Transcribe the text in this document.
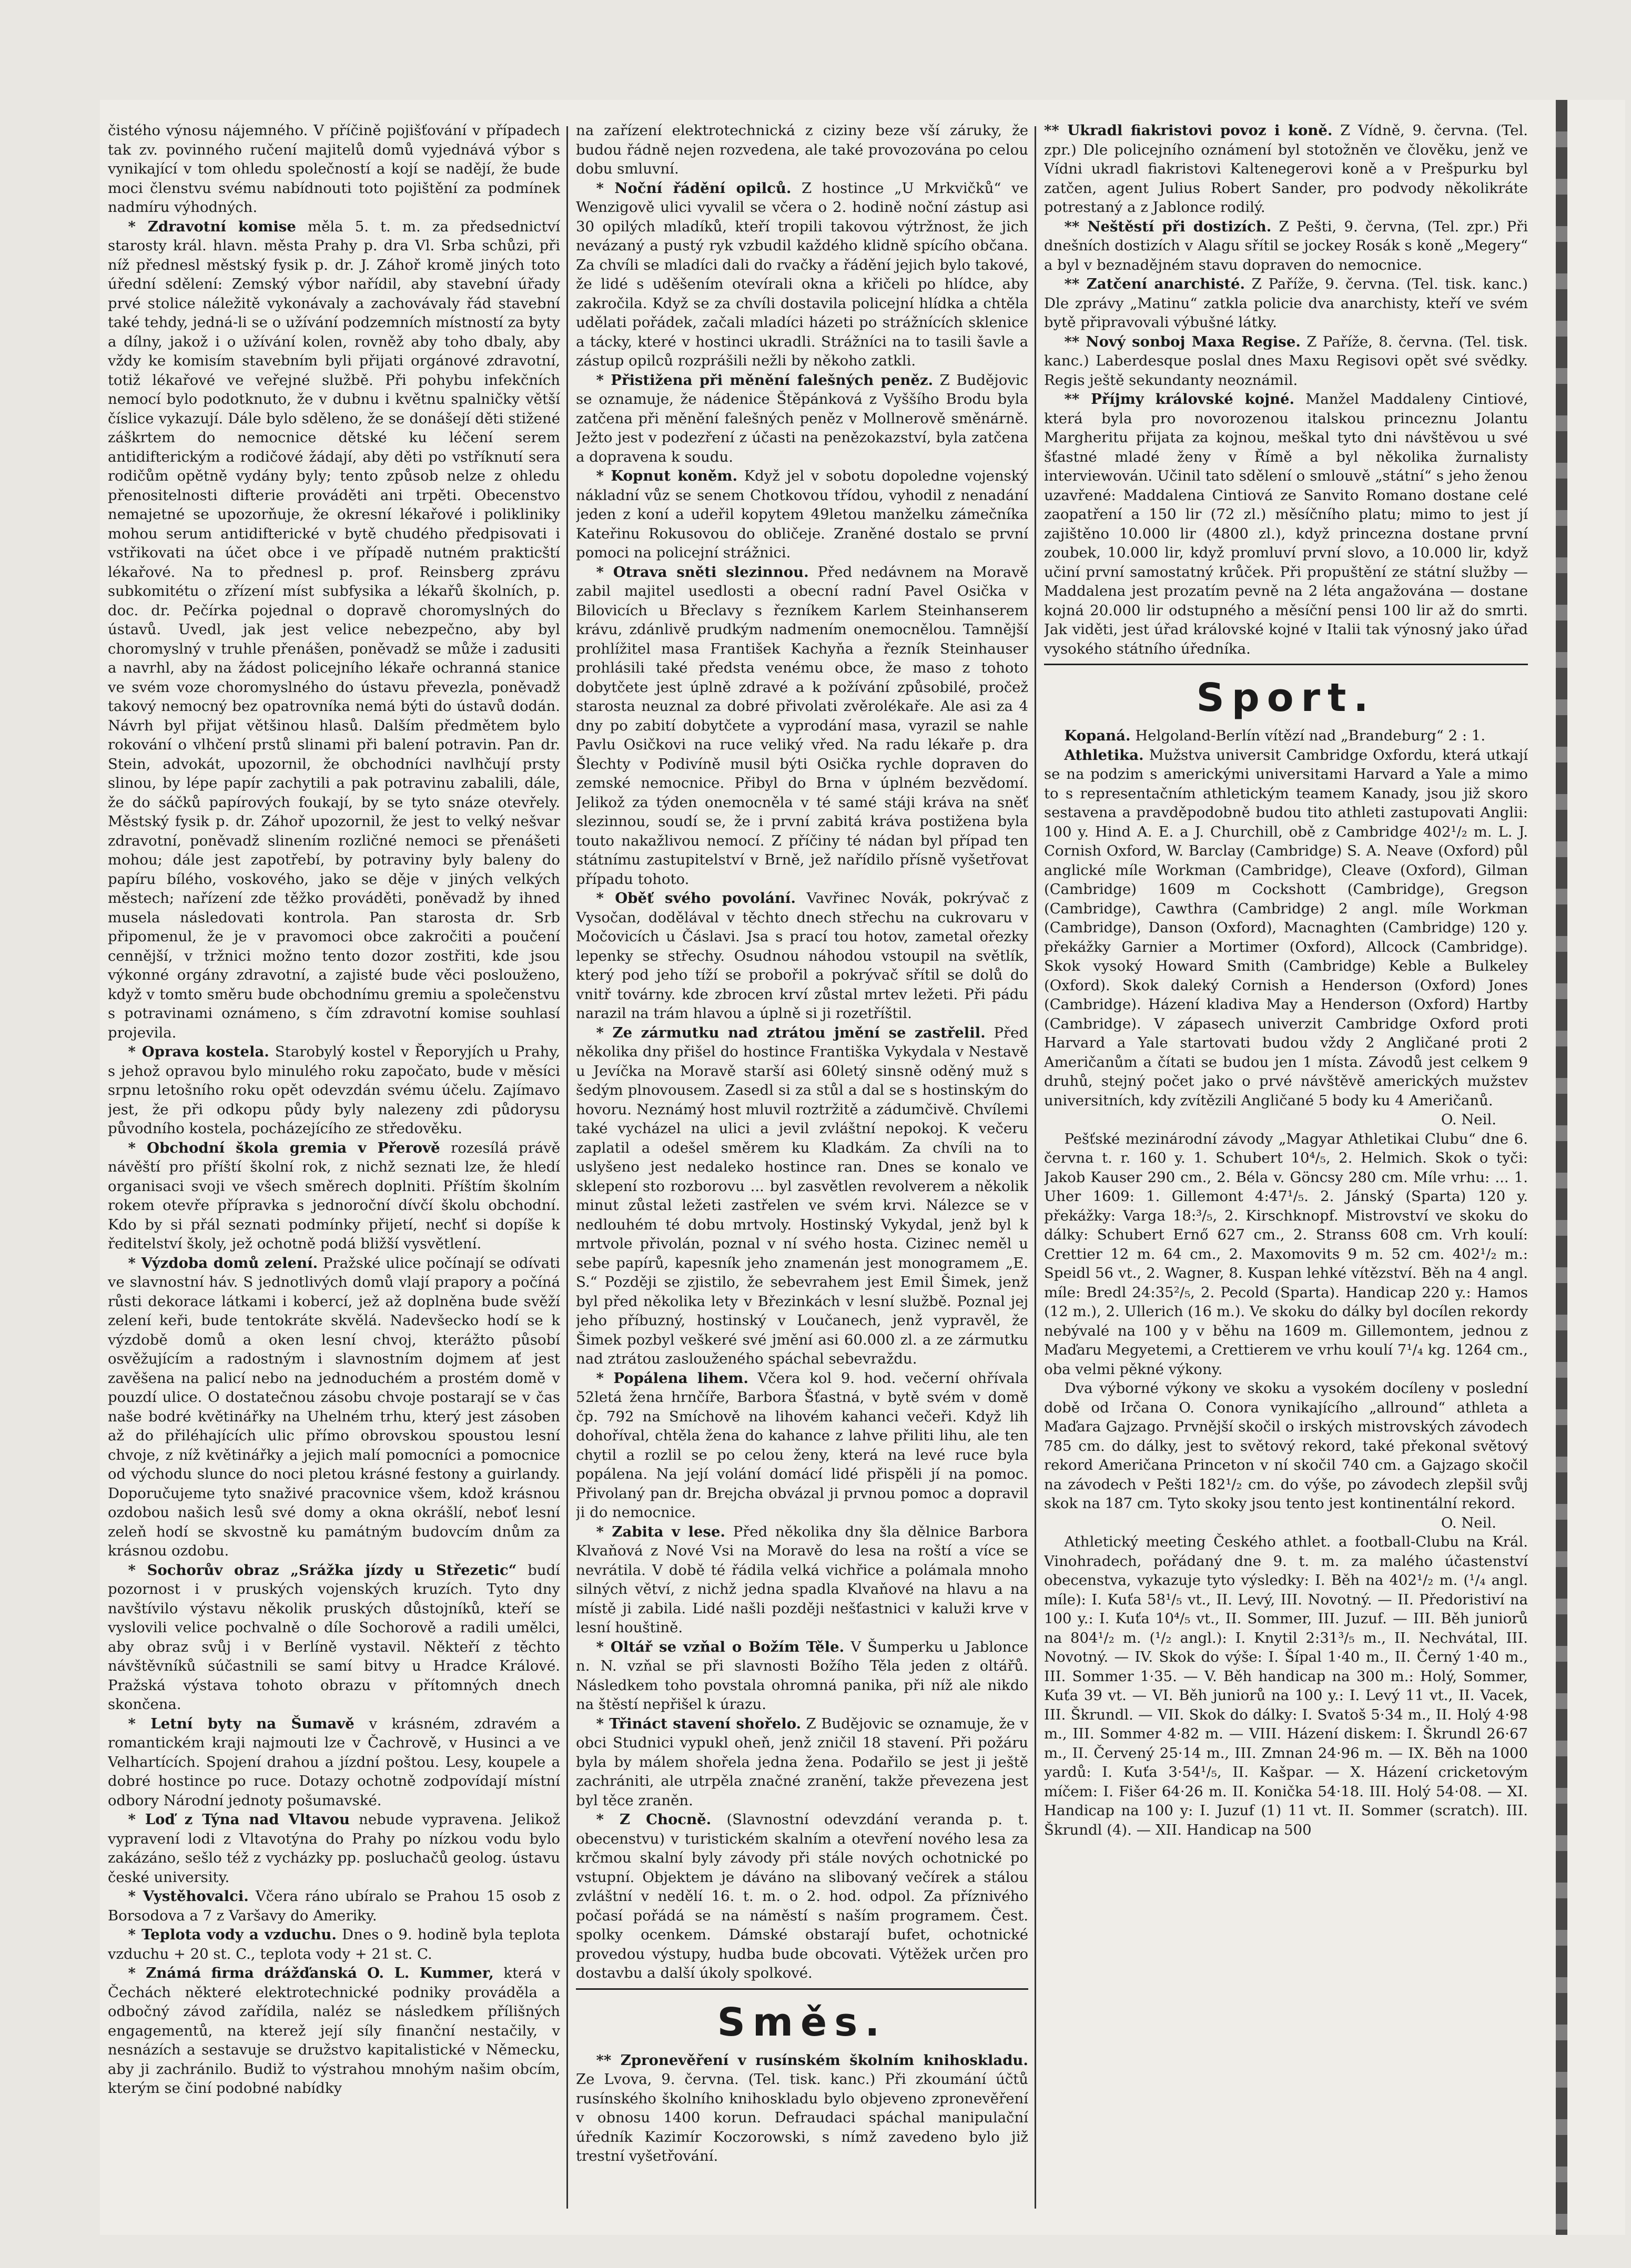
čistého výnosu nájemného. V příčině pojišťování v případech tak zv. povinného ručení majitelů domů vyjednává výbor s vynikající v tom ohledu společností a kojí se nadějí, že bude moci členstvu svému nabídnouti toto pojištění za podmínek nadmíru výhodných.

* Zdravotní komise měla 5. t. m. za předsednictví starosty král. hlavn. města Prahy p. dra Vl. Srba schůzi, při níž přednesl městský fysik p. dr. J. Záhoř kromě jiných toto úřední sdělení: Zemský výbor nařídil, aby stavební úřady prvé stolice náležitě vykonávaly a zachovávaly řád stavební také tehdy, jedná-li se o užívání podzemních místností za byty a dílny, jakož i o užívání kolen, rovněž aby toho dbaly, aby vždy ke komisím stavebním byli přijati orgánové zdravotní, totiž lékařové ve veřejné službě. Při pohybu infekčních nemocí bylo podotknuto, že v dubnu i květnu spalničky větší číslice vykazují. Dále bylo sděleno, že se donášejí děti stižené záškrtem do nemocnice dětské ku léčení serem antidifterickým a rodičové žádají, aby děti po vstříknutí sera rodičům opětně vydány byly; tento způsob nelze z ohledu přenositelnosti difterie prováděti ani trpěti. Obecenstvo nemajetné se upozorňuje, že okresní lékařové i polikliniky mohou serum antidifterické v bytě chudého předpisovati i vstřikovati na účet obce i ve případě nutném prakticští lékařové. Na to přednesl p. prof. Reinsberg zprávu subkomitétu o zřízení míst subfysika a lékařů školních, p. doc. dr. Pečírka pojednal o dopravě choromyslných do ústavů. Uvedl, jak jest velice nebezpečno, aby byl choromyslný v truhle přenášen, poněvadž se může i zadusiti a navrhl, aby na žádost policejního lékaře ochranná stanice ve svém voze choromyslného do ústavu převezla, poněvadž takový nemocný bez opatrovníka nemá býti do ústavů dodán. Návrh byl přijat většinou hlasů. Dalším předmětem bylo rokování o vlhčení prstů slinami při balení potravin. Pan dr. Stein, advokát, upozornil, že obchodníci navlhčují prsty slinou, by lépe papír zachytili a pak potravinu zabalili, dále, že do sáčků papírových foukají, by se tyto snáze otevřely. Městský fysik p. dr. Záhoř upozornil, že jest to velký nešvar zdravotní, poněvadž slinením rozličné nemoci se přenášeti mohou; dále jest zapotřebí, by potraviny byly baleny do papíru bílého, voskového, jako se děje v jiných velkých městech; nařízení zde těžko prováděti, poněvadž by ihned musela následovati kontrola. Pan starosta dr. Srb připomenul, že je v pravomoci obce zakročiti a poučení cennější, v tržnici možno tento dozor zostřiti, kde jsou výkonné orgány zdravotní, a zajisté bude věci poslouženo, když v tomto směru bude obchodnímu gremiu a společenstvu s potravinami oznámeno, s čím zdravotní komise souhlasí projevila.

* Oprava kostela. Starobylý kostel v Řeporyjích u Prahy, s jehož opravou bylo minulého roku započato, bude v měsíci srpnu letošního roku opět odevzdán svému účelu. Zajímavo jest, že při odkopu půdy byly nalezeny zdi půdorysu původního kostela, pocházejícího ze středověku.

* Obchodní škola gremia v Přerově rozesílá právě návěští pro příští školní rok, z nichž seznati lze, že hledí organisaci svoji ve všech směrech doplniti. Příštím školním rokem otevře přípravka s jednoroční dívčí školu obchodní. Kdo by si přál seznati podmínky přijetí, nechť si dopíše k ředitelství školy, jež ochotně podá bližší vysvětlení.

* Výzdoba domů zelení. Pražské ulice počínají se odívati ve slavnostní háv. S jednotlivých domů vlají prapory a počíná růsti dekorace látkami i kobercí, jež až doplněna bude svěží zelení keři, bude tentokráte skvělá. Nadevšecko hodí se k výzdobě domů a oken lesní chvoj, kterážto působí osvěžujícím a radostným i slavnostním dojmem ať jest zavěšena na palicí nebo na jednoduchém a prostém domě v pouzdí ulice. O dostatečnou zásobu chvoje postarají se v čas naše bodré květinářky na Uhelném trhu, který jest zásoben až do přiléhajících ulic přímo obrovskou spoustou lesní chvoje, z níž květinářky a jejich malí pomocníci a pomocnice od východu slunce do noci pletou krásné festony a guirlandy. Doporučujeme tyto snaživé pracovnice všem, kdož krásnou ozdobou našich lesů své domy a okna okrášlí, neboť lesní zeleň hodí se skvostně ku památným budovcím dnům za krásnou ozdobu.

* Sochorův obraz „Srážka jízdy u Střezetic“ budí pozornost i v pruských vojenských kruzích. Tyto dny navštívilo výstavu několik pruských důstojníků, kteří se vyslovili velice pochvalně o díle Sochorově a radili umělci, aby obraz svůj i v Berlíně vystavil. Někteří z těchto návštěvníků súčastnili se samí bitvy u Hradce Králové. Pražská výstava tohoto obrazu v přítomných dnech skončena.

* Letní byty na Šumavě v krásném, zdravém a romantickém kraji najmouti lze v Čachrově, v Husinci a ve Velhartících. Spojení drahou a jízdní poštou. Lesy, koupele a dobré hostince po ruce. Dotazy ochotně zodpovídají místní odbory Národní jednoty pošumavské.

* Loď z Týna nad Vltavou nebude vypravena. Jelikož vypravení lodi z Vltavotýna do Prahy po nízkou vodu bylo zakázáno, sešlo též z vycházky pp. posluchačů geolog. ústavu české university.

* Vystěhovalci. Včera ráno ubíralo se Prahou 15 osob z Borsodova a 7 z Varšavy do Ameriky.

* Teplota vody a vzduchu. Dnes o 9. hodině byla teplota vzduchu + 20 st. C., teplota vody + 21 st. C.

* Známá firma drážďanská O. L. Kummer, která v Čechách některé elektrotechnické podniky prováděla a odbočný závod zařídila, naléz se následkem přílišných engagementů, na kterež její síly finanční nestačily, v nesnázích a sestavuje se družstvo kapitalistické v Německu, aby ji zachránilo. Budiž to výstrahou mnohým našim obcím, kterým se činí podobné nabídky

na zařízení elektrotechnická z ciziny beze vší záruky, že budou řádně nejen rozvedena, ale také provozována po celou dobu smluvní.

* Noční řádění opilců. Z hostince „U Mrkvičků“ ve Wenzigově ulici vyvalil se včera o 2. hodině noční zástup asi 30 opilých mladíků, kteří tropili takovou výtržnost, že jich nevázaný a pustý ryk vzbudil každého klidně spícího občana. Za chvíli se mladíci dali do rvačky a řádění jejich bylo takové, že lidé s uděšením otevírali okna a křičeli po hlídce, aby zakročila. Když se za chvíli dostavila policejní hlídka a chtěla udělati pořádek, začali mladíci házeti po strážnících sklenice a tácky, které v hostinci ukradli. Strážníci na to tasili šavle a zástup opilců rozprášili nežli by někoho zatkli.

* Přistižena při měnění falešných peněz. Z Budějovic se oznamuje, že nádenice Štěpánková z Vyššího Brodu byla zatčena při měnění falešných peněz v Mollnerově směnárně. Ježto jest v podezření z účasti na penězokazství, byla zatčena a dopravena k soudu.

* Kopnut koněm. Když jel v sobotu dopoledne vojenský nákladní vůz se senem Chotkovou třídou, vyhodil z nenadání jeden z koní a udeřil kopytem 49letou manželku zámečníka Kateřinu Rokusovou do obličeje. Zraněné dostalo se první pomoci na policejní strážnici.

* Otrava sněti slezinnou. Před nedávnem na Moravě zabil majitel usedlosti a obecní radní Pavel Osička v Bilovicích u Břeclavy s řezníkem Karlem Steinhanserem krávu, zdánlivě prudkým nadmením onemocnělou. Tamnější prohlížitel masa František Kachyňa a řezník Steinhauser prohlásili také předsta venému obce, že maso z tohoto dobytčete jest úplně zdravé a k požívání způsobilé, pročež starosta neuznal za dobré přivolati zvěrolékaře. Ale asi za 4 dny po zabití dobytčete a vyprodání masa, vyrazil se nahle Pavlu Osičkovi na ruce veliký vřed. Na radu lékaře p. dra Šlechty v Podivíně musil býti Osička rychle dopraven do zemské nemocnice. Přibyl do Brna v úplném bezvědomí. Jelikož za týden onemocněla v té samé stáji kráva na sněť slezinnou, soudí se, že i první zabitá kráva postižena byla touto nakažlivou nemocí. Z příčiny té nádan byl případ ten státnímu zastupitelství v Brně, jež nařídilo přísně vyšetřovat případu tohoto.

* Oběť svého povolání. Vavřinec Novák, pokrývač z Vysočan, dodělával v těchto dnech střechu na cukrovaru v Močovicích u Čáslavi. Jsa s prací tou hotov, zametal ořezky lepenky se střechy. Osudnou náhodou vstoupil na světlík, který pod jeho tíží se probořil a pokrývač sřítil se dolů do vnitř továrny. kde zbrocen krví zůstal mrtev ležeti. Při pádu narazil na trám hlavou a úplně si ji rozetříštil.

* Ze zármutku nad ztrátou jmění se zastřelil. Před několika dny přišel do hostince Františka Vykydala v Nestavě u Jevíčka na Moravě starší asi 60letý sinsně oděný muž s šedým plnovousem. Zasedl si za stůl a dal se s hostinským do hovoru. Neznámý host mluvil roztržitě a zádumčivě. Chvílemi také vycházel na ulici a jevil zvláštní nepokoj. K večeru zaplatil a odešel směrem ku Kladkám. Za chvíli na to uslyšeno jest nedaleko hostince ran. Dnes se konalo ve sklepení sto rozborovu ... byl zasvětlen revolverem a několik minut zůstal ležeti zastřelen ve svém krvi. Nálezce se v nedlouhém té dobu mrtvoly. Hostinský Vykydal, jenž byl k mrtvole přivolán, poznal v ní svého hosta. Cizinec neměl u sebe papírů, kapesník jeho znamenán jest monogramem „E. S.“ Později se zjistilo, že sebevrahem jest Emil Šimek, jenž byl před několika lety v Březinkách v lesní službě. Poznal jej jeho příbuzný, hostinský v Loučanech, jenž vypravěl, že Šimek pozbyl veškeré své jmění asi 60.000 zl. a ze zármutku nad ztrátou zaslouženého spáchal sebevraždu.

* Popálena lihem. Včera kol 9. hod. večerní ohřívala 52letá žena hrnčíře, Barbora Šťastná, v bytě svém v domě čp. 792 na Smíchově na lihovém kahanci večeři. Když lih dohoříval, chtěla žena do kahance z lahve přiliti lihu, ale ten chytil a rozlil se po celou ženy, která na levé ruce byla popálena. Na její volání domácí lidé přispěli jí na pomoc. Přivolaný pan dr. Brejcha obvázal ji prvnou pomoc a dopravil ji do nemocnice.

* Zabita v lese. Před několika dny šla dělnice Barbora Klvaňová z Nové Vsi na Moravě do lesa na roští a více se nevrátila. V době té řádila velká vichřice a polámala mnoho silných větví, z nichž jedna spadla Klvaňové na hlavu a na místě ji zabila. Lidé našli později nešťastnici v kaluži krve v lesní houštině.

* Oltář se vzňal o Božím Těle. V Šumperku u Jablonce n. N. vzňal se při slavnosti Božího Těla jeden z oltářů. Následkem toho povstala ohromná panika, při níž ale nikdo na štěstí nepřišel k úrazu.

* Třináct stavení shořelo. Z Budějovic se oznamuje, že v obci Studnici vypukl oheň, jenž zničil 18 stavení. Při požáru byla by málem shořela jedna žena. Podařilo se jest ji ještě zachrániti, ale utrpěla značné zranění, takže převezena jest byl těce zraněn.

* Z Chocně. (Slavnostní odevzdání veranda p. t. obecenstvu) v turistickém skalním a otevření nového lesa za krčmou skalní byly závody při stále nových ochotnické po vstupní. Objektem je dáváno na slibovaný večírek a stálou zvláštní v nedělí 16. t. m. o 2. hod. odpol. Za příznivého počasí pořádá se na náměstí s naším programem. Čest. spolky ocenkem. Dámské obstarají bufet, ochotnické provedou výstupy, hudba bude obcovati. Výtěžek určen pro dostavbu a další úkoly spolkové.

Směs.

** Zpronevěření v rusínském školním knihoskladu. Ze Lvova, 9. června. (Tel. tisk. kanc.) Při zkoumání účtů rusínského školního knihoskladu bylo objeveno zpronevěření v obnosu 1400 korun. Defraudaci spáchal manipulační úředník Kazimír Koczorowski, s nímž zavedeno bylo již trestní vyšetřování.

** Ukradl fiakristovi povoz i koně. Z Vídně, 9. června. (Tel. zpr.) Dle policejního oznámení byl stotožněn ve člověku, jenž ve Vídni ukradl fiakristovi Kaltenegerovi koně a v Prešpurku byl zatčen, agent Julius Robert Sander, pro podvody několikráte potrestaný a z Jablonce rodilý.

** Neštěstí při dostizích. Z Pešti, 9. června, (Tel. zpr.) Při dnešních dostizích v Alagu sřítil se jockey Rosák s koně „Megery“ a byl v beznadějném stavu dopraven do nemocnice.

** Zatčení anarchisté. Z Paříže, 9. června. (Tel. tisk. kanc.) Dle zprávy „Matinu“ zatkla policie dva anarchisty, kteří ve svém bytě připravovali výbušné látky.

** Nový sonboj Maxa Regise. Z Paříže, 8. června. (Tel. tisk. kanc.) Laberdesque poslal dnes Maxu Regisovi opět své svědky. Regis ještě sekundanty neoznámil.

** Příjmy královské kojné. Manžel Maddaleny Cintiové, která byla pro novorozenou italskou princeznu Jolantu Margheritu přijata za kojnou, meškal tyto dni návštěvou u své šťastné mladé ženy v Římě a byl několika žurnalisty interviewován. Učinil tato sdělení o smlouvě „státní“ s jeho ženou uzavřené: Maddalena Cintiová ze Sanvito Romano dostane celé zaopatření a 150 lir (72 zl.) měsíčního platu; mimo to jest jí zajištěno 10.000 lir (4800 zl.), když princezna dostane první zoubek, 10.000 lir, když promluví první slovo, a 10.000 lir, když učiní první samostatný krůček. Při propuštění ze státní služby — Maddalena jest prozatím pevně na 2 léta angažována — dostane kojná 20.000 lir odstupného a měsíční pensi 100 lir až do smrti. Jak viděti, jest úřad královské kojné v Italii tak výnosný jako úřad vysokého státního úředníka.

Sport.

Kopaná. Helgoland-Berlín vítězí nad „Brandeburg“ 2 : 1.

Athletika. Mužstva universit Cambridge Oxfordu, která utkají se na podzim s americkými universitami Harvard a Yale a mimo to s representačním athletickým teamem Kanady, jsou již skoro sestavena a pravděpodobně budou tito athleti zastupovati Anglii: 100 y. Hind A. E. a J. Churchill, obě z Cambridge 402¹/₂ m. L. J. Cornish Oxford, W. Barclay (Cambridge) S. A. Neave (Oxford) půl anglické míle Workman (Cambridge), Cleave (Oxford), Gilman (Cambridge) 1609 m Cockshott (Cambridge), Gregson (Cambridge), Cawthra (Cambridge) 2 angl. míle Workman (Cambridge), Danson (Oxford), Macnaghten (Cambridge) 120 y. překážky Garnier a Mortimer (Oxford), Allcock (Cambridge). Skok vysoký Howard Smith (Cambridge) Keble a Bulkeley (Oxford). Skok daleký Cornish a Henderson (Oxford) Jones (Cambridge). Házení kladiva May a Henderson (Oxford) Hartby (Cambridge). V zápasech univerzit Cambridge Oxford proti Harvard a Yale startovati budou vždy 2 Angličané proti 2 Američanům a čítati se budou jen 1 místa. Závodů jest celkem 9 druhů, stejný počet jako o prvé návštěvě amerických mužstev universitních, kdy zvítězili Angličané 5 body ku 4 Američanů.

O. Neil.

Pešťské mezinárodní závody „Magyar Athletikai Clubu“ dne 6. června t. r. 160 y. 1. Schubert 10⁴/₅, 2. Helmich. Skok o tyči: Jakob Kauser 290 cm., 2. Béla v. Göncsy 280 cm. Míle vrhu: ... 1. Uher 1609: 1. Gillemont 4:47¹/₅. 2. Jánský (Sparta) 120 y. překážky: Varga 18:³/₅, 2. Kirschknopf. Mistrovství ve skoku do dálky: Schubert Ernő 627 cm., 2. Stranss 608 cm. Vrh koulí: Crettier 12 m. 64 cm., 2. Maxomovits 9 m. 52 cm. 402¹/₂ m.: Speidl 56 vt., 2. Wagner, 8. Kuspan lehké vítězství. Běh na 4 angl. míle: Bredl 24:35²/₅, 2. Pecold (Sparta). Handicap 220 y.: Hamos (12 m.), 2. Ullerich (16 m.). Ve skoku do dálky byl docílen rekordy nebývalé na 100 y v běhu na 1609 m. Gillemontem, jednou z Maďaru Megyetemi, a Crettierem ve vrhu koulí 7¹/₄ kg. 1264 cm., oba velmi pěkné výkony.

Dva výborné výkony ve skoku a vysokém docíleny v poslední době od Irčana O. Conora vynikajícího „allround“ athleta a Maďara Gajzago. Prvnější skočil o irských mistrovských závodech 785 cm. do dálky, jest to světový rekord, také překonal světový rekord Američana Princeton v ní skočil 740 cm. a Gajzago skočil na závodech v Pešti 182¹/₂ cm. do výše, po závodech zlepšil svůj skok na 187 cm. Tyto skoky jsou tento jest kontinentální rekord.

O. Neil.

Athletický meeting Českého athlet. a football-Clubu na Král. Vinohradech, pořádaný dne 9. t. m. za malého účastenství obecenstva, vykazuje tyto výsledky: I. Běh na 402¹/₂ m. (¹/₄ angl. míle): I. Kuťa 58¹/₅ vt., II. Levý, III. Novotný. — II. Předoristiví na 100 y.: I. Kuťa 10⁴/₅ vt., II. Sommer, III. Juzuf. — III. Běh juniorů na 804¹/₂ m. (¹/₂ angl.): I. Knytil 2:31³/₅ m., II. Nechvátal, III. Novotný. — IV. Skok do výše: I. Šípal 1·40 m., II. Černý 1·40 m., III. Sommer 1·35. — V. Běh handicap na 300 m.: Holý, Sommer, Kuťa 39 vt. — VI. Běh juniorů na 100 y.: I. Levý 11 vt., II. Vacek, III. Škrundl. — VII. Skok do dálky: I. Svatoš 5·34 m., II. Holý 4·98 m., III. Sommer 4·82 m. — VIII. Házení diskem: I. Škrundl 26·67 m., II. Červený 25·14 m., III. Zmnan 24·96 m. — IX. Běh na 1000 yardů: I. Kuťa 3·54¹/₅, II. Kašpar. — X. Házení cricketovým míčem: I. Fišer 64·26 m. II. Konička 54·18. III. Holý 54·08. — XI. Handicap na 100 y: I. Juzuf (1) 11 vt. II. Sommer (scratch). III. Škrundl (4). — XII. Handicap na 500
